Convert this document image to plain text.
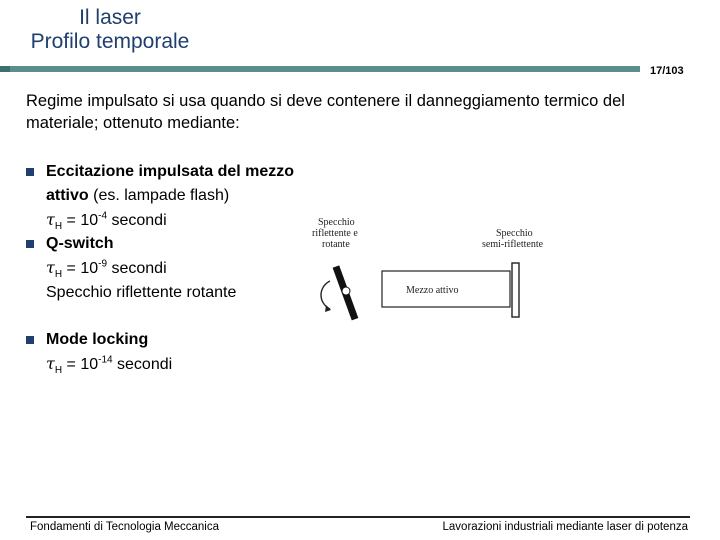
Il laser
Profilo temporale
17/103
Regime impulsato si usa quando si deve contenere il danneggiamento termico del materiale; ottenuto mediante:
Eccitazione impulsata del mezzo attivo (es. lampade flash)
$\tau_H = 10^{-4}$ secondi
Q-switch
$\tau_H = 10^{-9}$ secondi
Specchio riflettente rotante
Mode locking
$\tau_H = 10^{-14}$ secondi
Specchio
riflettente e
rotante
Specchio
semi-riflettente
Mezzo attivo
Fondamenti di Tecnologia Meccanica	Lavorazioni industriali mediante laser di potenza
